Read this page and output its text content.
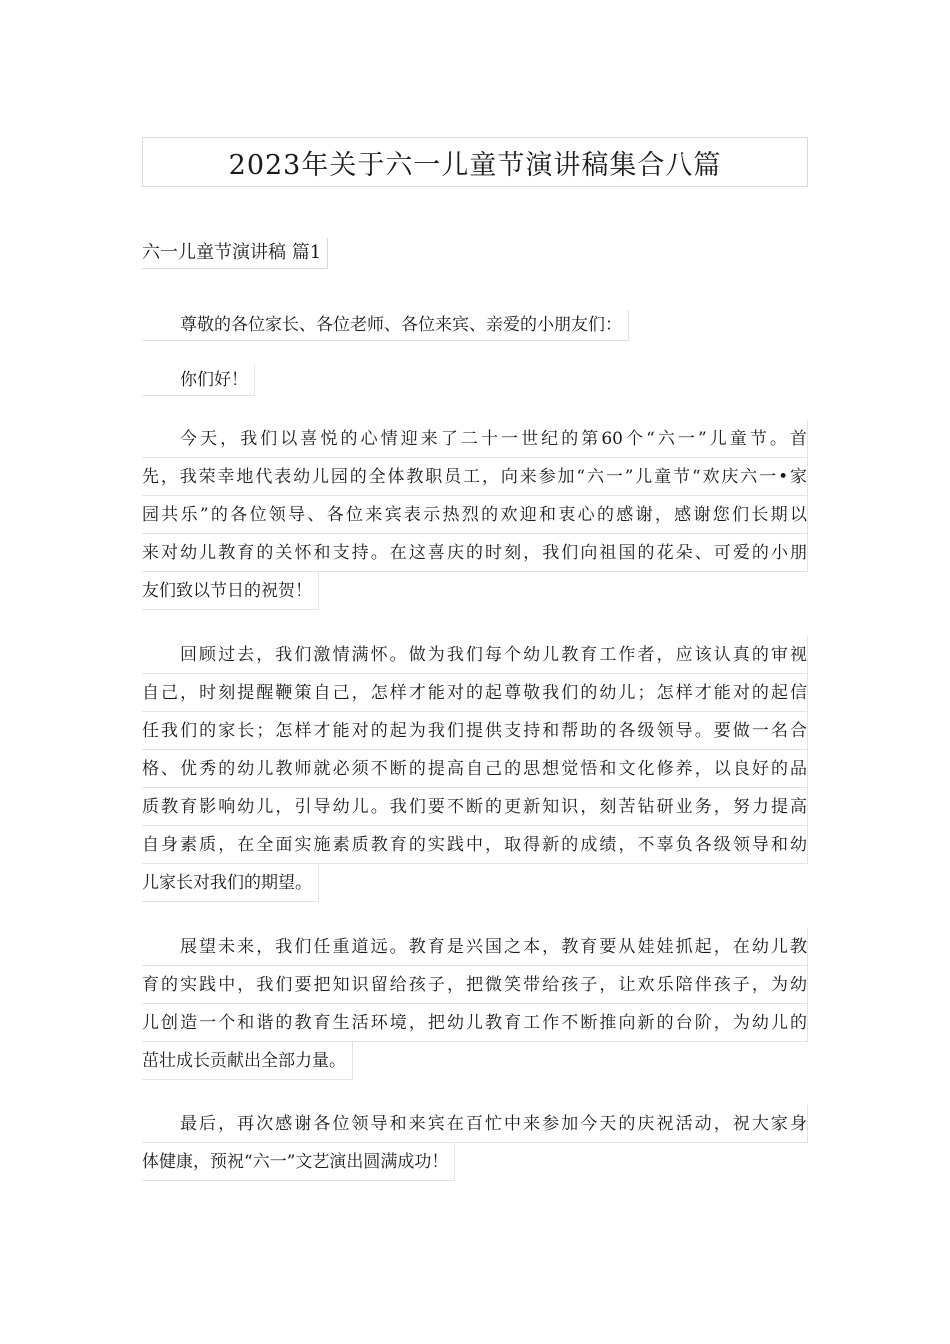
2023年关于六一儿童节演讲稿集合八篇
六一儿童节演讲稿 篇1
尊敬的各位家长、各位老师、各位来宾、亲爱的小朋友们：
你们好！
今天，我们以喜悦的心情迎来了二十一世纪的第60个“六一”儿童节。首
先，我荣幸地代表幼儿园的全体教职员工，向来参加“六一”儿童节“欢庆六一•家
园共乐”的各位领导、各位来宾表示热烈的欢迎和衷心的感谢，感谢您们长期以
来对幼儿教育的关怀和支持。在这喜庆的时刻，我们向祖国的花朵、可爱的小朋
友们致以节日的祝贺！
回顾过去，我们激情满怀。做为我们每个幼儿教育工作者，应该认真的审视
自己，时刻提醒鞭策自己，怎样才能对的起尊敬我们的幼儿；怎样才能对的起信
任我们的家长；怎样才能对的起为我们提供支持和帮助的各级领导。要做一名合
格、优秀的幼儿教师就必须不断的提高自己的思想觉悟和文化修养，以良好的品
质教育影响幼儿，引导幼儿。我们要不断的更新知识，刻苦钻研业务，努力提高
自身素质，在全面实施素质教育的实践中，取得新的成绩，不辜负各级领导和幼
儿家长对我们的期望。
展望未来，我们任重道远。教育是兴国之本，教育要从娃娃抓起，在幼儿教
育的实践中，我们要把知识留给孩子，把微笑带给孩子，让欢乐陪伴孩子，为幼
儿创造一个和谐的教育生活环境，把幼儿教育工作不断推向新的台阶，为幼儿的
茁壮成长贡献出全部力量。
最后，再次感谢各位领导和来宾在百忙中来参加今天的庆祝活动，祝大家身
体健康，预祝“六一”文艺演出圆满成功！
